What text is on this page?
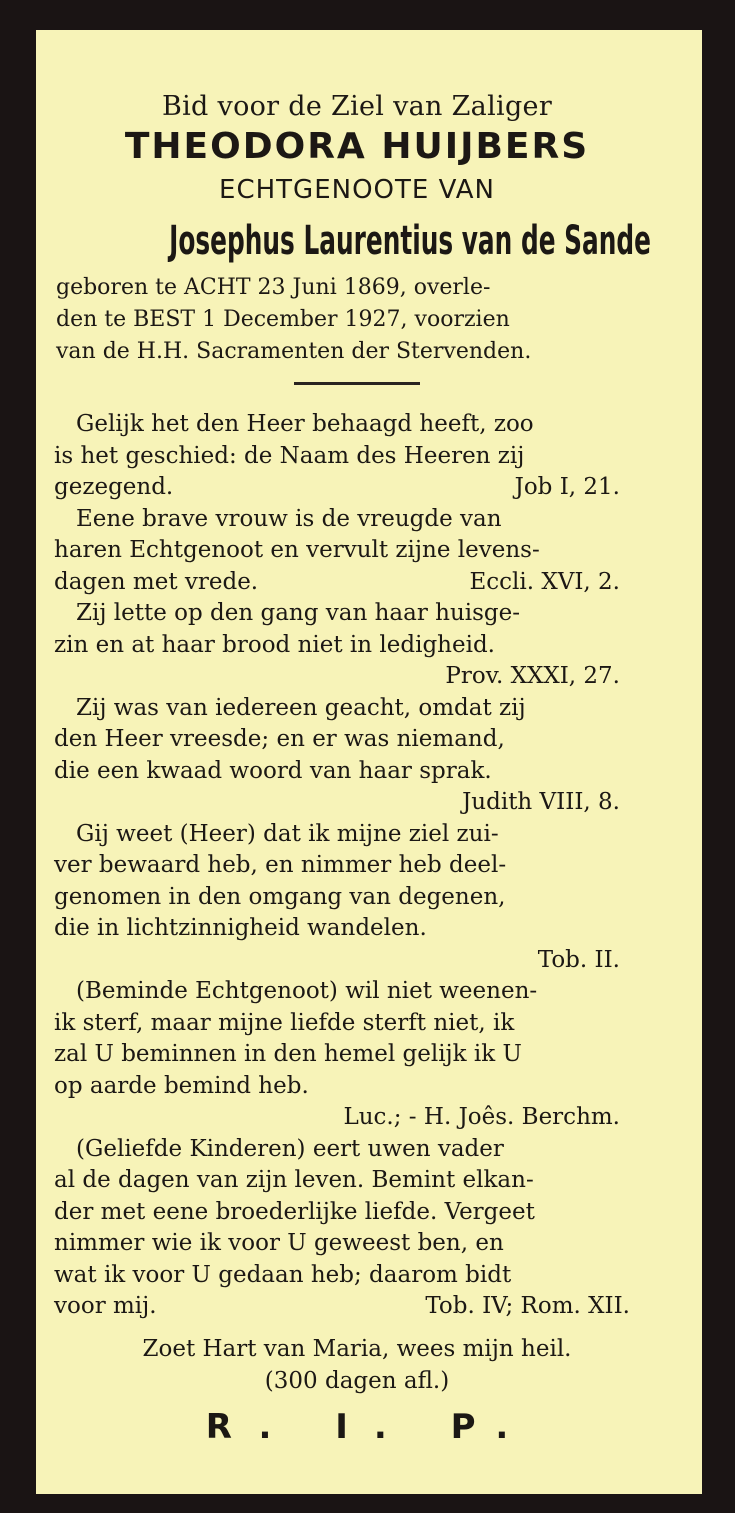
Bid voor de Ziel van Zaliger
THEODORA HUIJBERS
ECHTGENOOTE VAN
Josephus Laurentius van de Sande
geboren te ACHT 23 Juni 1869, overle-
den te BEST 1 December 1927, voorzien
van de H.H. Sacramenten der Stervenden.
Gelijk het den Heer behaagd heeft, zoo
is het geschied: de Naam des Heeren zij
gezegend.	Job I, 21.
Eene brave vrouw is de vreugde van
haren Echtgenoot en vervult zijne levens-
dagen met vrede.	Eccli. XVI, 2.
Zij lette op den gang van haar huisge-
zin en at haar brood niet in ledigheid.
Prov. XXXI, 27.
Zij was van iedereen geacht, omdat zij
den Heer vreesde; en er was niemand,
die een kwaad woord van haar sprak.
Judith VIII, 8.
Gij weet (Heer) dat ik mijne ziel zui-
ver bewaard heb, en nimmer heb deel-
genomen in den omgang van degenen,
die in lichtzinnigheid wandelen.
Tob. II.
(Beminde Echtgenoot) wil niet weenen-
ik sterf, maar mijne liefde sterft niet, ik
zal U beminnen in den hemel gelijk ik U
op aarde bemind heb.
Luc.; - H. Joês. Berchm.
(Geliefde Kinderen) eert uwen vader
al de dagen van zijn leven. Bemint elkan-
der met eene broederlijke liefde. Vergeet
nimmer wie ik voor U geweest ben, en
wat ik voor U gedaan heb; daarom bidt
voor mij.	Tob. IV; Rom. XII.
Zoet Hart van Maria, wees mijn heil.
(300 dagen afl.)
R. I. P.
